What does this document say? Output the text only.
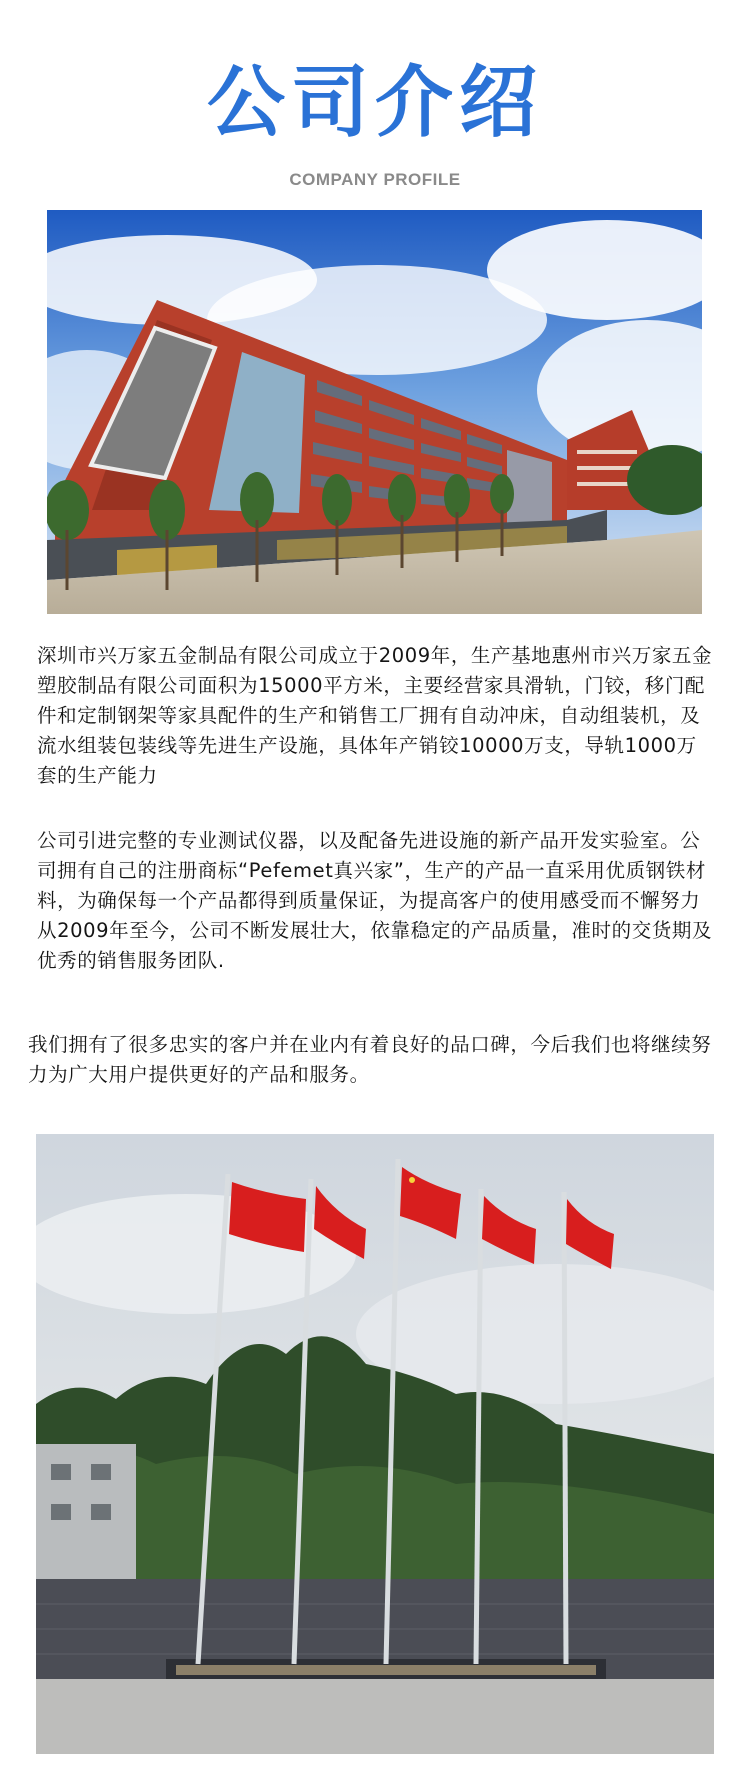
公司介绍
COMPANY PROFILE
深圳市兴万家五金制品有限公司成立于2009年，生产基地惠州市兴万家五金塑胶制品有限公司面积为15000平方米，主要经营家具滑轨，门铰，移门配件和定制钢架等家具配件的生产和销售工厂拥有自动冲床，自动组装机，及流水组装包装线等先进生产设施，具体年产销铰10000万支，导轨1000万套的生产能力
公司引进完整的专业测试仪器，以及配备先进设施的新产品开发实验室。公司拥有自己的注册商标“Pefemet真兴家”，生产的产品一直采用优质钢铁材料，为确保每一个产品都得到质量保证，为提高客户的使用感受而不懈努力从2009年至今，公司不断发展壮大，依靠稳定的产品质量，准时的交货期及优秀的销售服务团队.
我们拥有了很多忠实的客户并在业内有着良好的品口碑，今后我们也将继续努力为广大用户提供更好的产品和服务。
